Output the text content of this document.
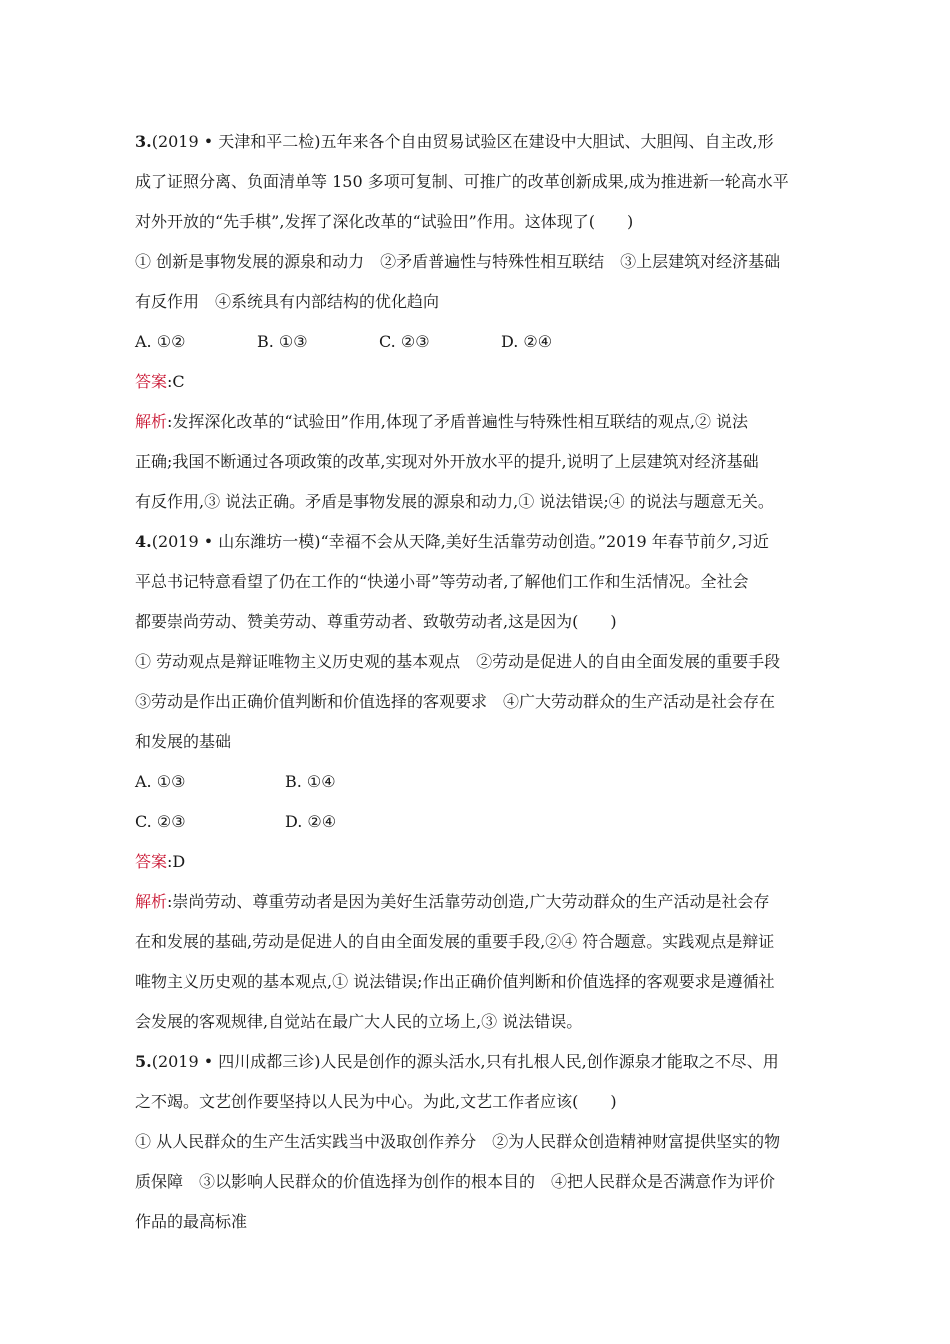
3.(2019 • 天津和平二检)五年来各个自由贸易试验区在建设中大胆试、大胆闯、自主改,形
成了证照分离、负面清单等 150 多项可复制、可推广的改革创新成果,成为推进新一轮高水平
对外开放的“先手棋”,发挥了深化改革的“试验田”作用。这体现了(　　)
① 创新是事物发展的源泉和动力　②矛盾普遍性与特殊性相互联结　③上层建筑对经济基础
有反作用　④系统具有内部结构的优化趋向
A. ①②	B. ①③	C. ②③	D. ②④
答案:C
解析:发挥深化改革的“试验田”作用,体现了矛盾普遍性与特殊性相互联结的观点,② 说法
正确;我国不断通过各项政策的改革,实现对外开放水平的提升,说明了上层建筑对经济基础
有反作用,③ 说法正确。矛盾是事物发展的源泉和动力,① 说法错误;④ 的说法与题意无关。
4.(2019 • 山东潍坊一模)“幸福不会从天降,美好生活靠劳动创造。”2019 年春节前夕,习近
平总书记特意看望了仍在工作的“快递小哥”等劳动者,了解他们工作和生活情况。全社会
都要崇尚劳动、赞美劳动、尊重劳动者、致敬劳动者,这是因为(　　)
① 劳动观点是辩证唯物主义历史观的基本观点　②劳动是促进人的自由全面发展的重要手段
③劳动是作出正确价值判断和价值选择的客观要求　④广大劳动群众的生产活动是社会存在
和发展的基础
A. ①③	B. ①④
C. ②③	D. ②④
答案:D
解析:崇尚劳动、尊重劳动者是因为美好生活靠劳动创造,广大劳动群众的生产活动是社会存
在和发展的基础,劳动是促进人的自由全面发展的重要手段,②④ 符合题意。实践观点是辩证
唯物主义历史观的基本观点,① 说法错误;作出正确价值判断和价值选择的客观要求是遵循社
会发展的客观规律,自觉站在最广大人民的立场上,③ 说法错误。
5.(2019 • 四川成都三诊)人民是创作的源头活水,只有扎根人民,创作源泉才能取之不尽、用
之不竭。文艺创作要坚持以人民为中心。为此,文艺工作者应该(　　)
① 从人民群众的生产生活实践当中汲取创作养分　②为人民群众创造精神财富提供坚实的物
质保障　③以影响人民群众的价值选择为创作的根本目的　④把人民群众是否满意作为评价
作品的最高标准
